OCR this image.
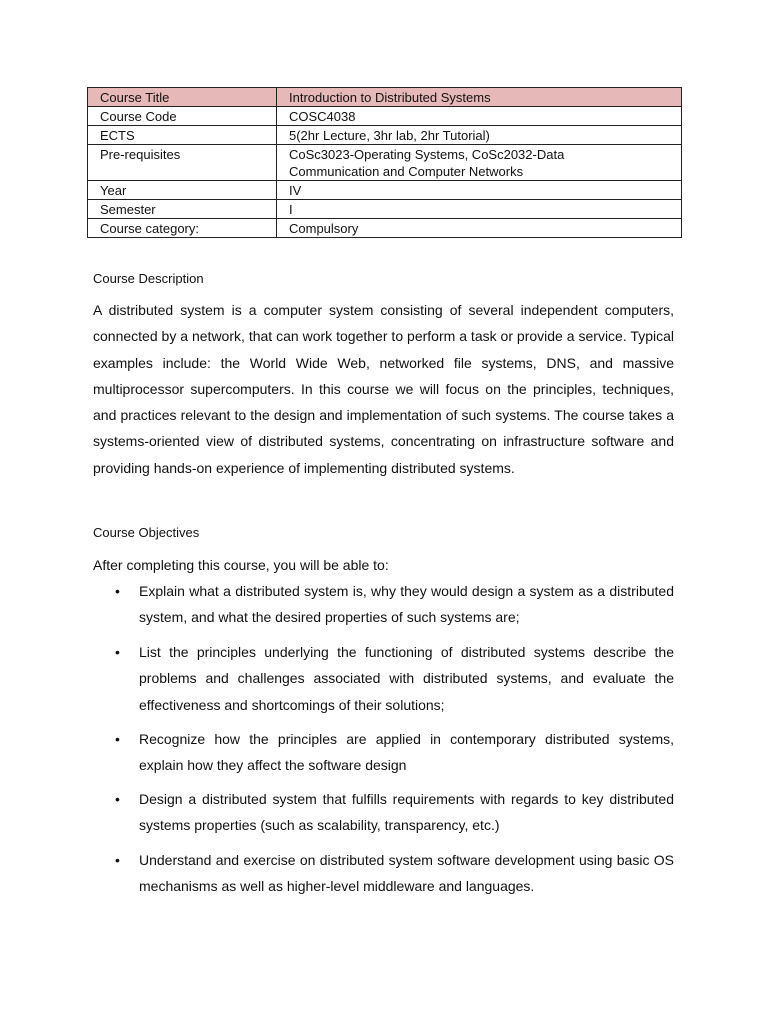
Course Title	Introduction to Distributed Systems
Course Code	COSC4038
ECTS	5(2hr Lecture, 3hr lab, 2hr Tutorial)
Pre-requisites	CoSc3023-Operating Systems, CoSc2032-Data
Communication and Computer Networks
Year	IV
Semester	I
Course category:	Compulsory
Course Description

A distributed system is a computer system consisting of several independent computers, connected by a network, that can work together to perform a task or provide a service. Typical examples include: the World Wide Web, networked file systems, DNS, and massive multiprocessor supercomputers. In this course we will focus on the principles, techniques, and practices relevant to the design and implementation of such systems. The course takes a systems-oriented view of distributed systems, concentrating on infrastructure software and providing hands-on experience of implementing distributed systems.

Course Objectives

After completing this course, you will be able to:

•	Explain what a distributed system is, why they would design a system as a distributed system, and what the desired properties of such systems are;
•	List the principles underlying the functioning of distributed systems describe the problems and challenges associated with distributed systems, and evaluate the effectiveness and shortcomings of their solutions;
•	Recognize how the principles are applied in contemporary distributed systems, explain how they affect the software design
•	Design a distributed system that fulfills requirements with regards to key distributed systems properties (such as scalability, transparency, etc.)
•	Understand and exercise on distributed system software development using basic OS mechanisms as well as higher-level middleware and languages.
